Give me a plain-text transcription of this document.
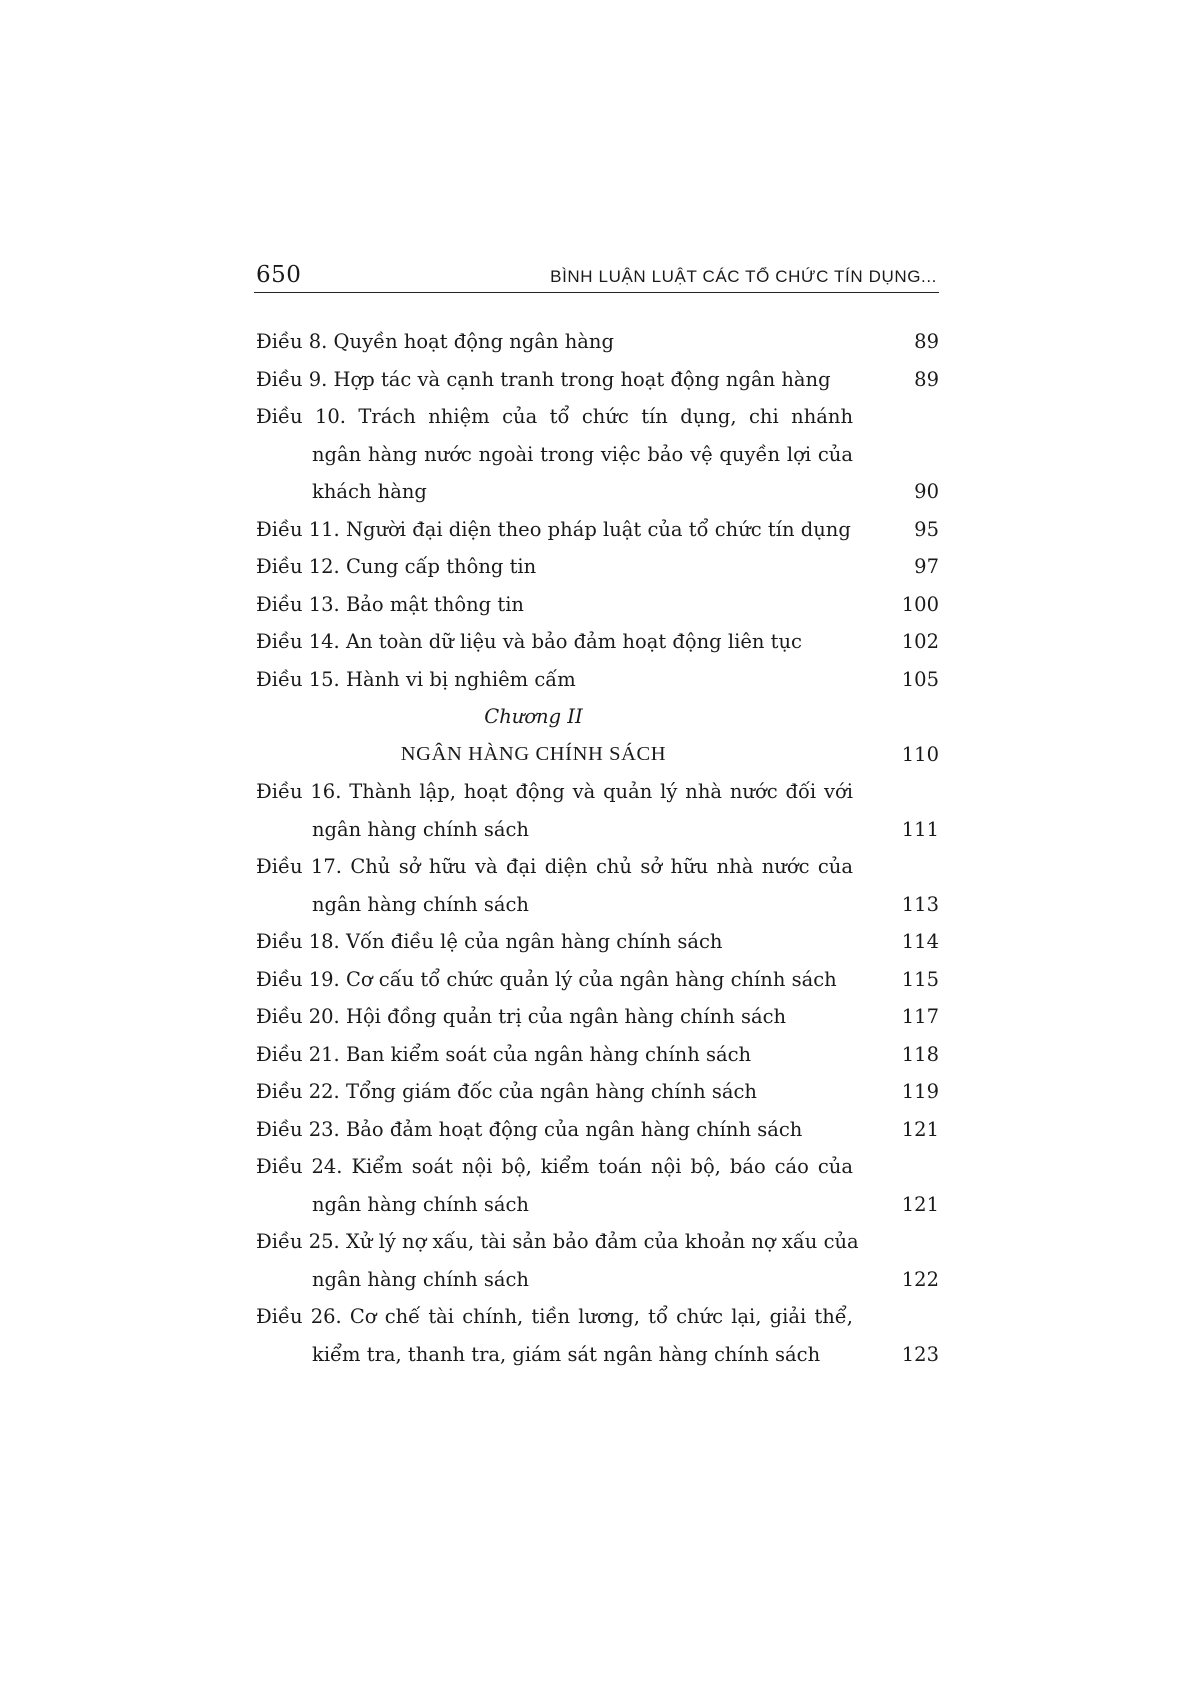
650	BÌNH LUẬN LUẬT CÁC TỔ CHỨC TÍN DỤNG...
Điều 8. Quyền hoạt động ngân hàng	89
Điều 9. Hợp tác và cạnh tranh trong hoạt động ngân hàng	89
Điều 10. Trách nhiệm của tổ chức tín dụng, chi nhánh
ngân hàng nước ngoài trong việc bảo vệ quyền lợi của
khách hàng	90
Điều 11. Người đại diện theo pháp luật của tổ chức tín dụng	95
Điều 12. Cung cấp thông tin	97
Điều 13. Bảo mật thông tin	100
Điều 14. An toàn dữ liệu và bảo đảm hoạt động liên tục	102
Điều 15. Hành vi bị nghiêm cấm	105
Chương II
NGÂN HÀNG CHÍNH SÁCH	110
Điều 16. Thành lập, hoạt động và quản lý nhà nước đối với
ngân hàng chính sách	111
Điều 17. Chủ sở hữu và đại diện chủ sở hữu nhà nước của
ngân hàng chính sách	113
Điều 18. Vốn điều lệ của ngân hàng chính sách	114
Điều 19. Cơ cấu tổ chức quản lý của ngân hàng chính sách	115
Điều 20. Hội đồng quản trị của ngân hàng chính sách	117
Điều 21. Ban kiểm soát của ngân hàng chính sách	118
Điều 22. Tổng giám đốc của ngân hàng chính sách	119
Điều 23. Bảo đảm hoạt động của ngân hàng chính sách	121
Điều 24. Kiểm soát nội bộ, kiểm toán nội bộ, báo cáo của
ngân hàng chính sách	121
Điều 25. Xử lý nợ xấu, tài sản bảo đảm của khoản nợ xấu của
ngân hàng chính sách	122
Điều 26. Cơ chế tài chính, tiền lương, tổ chức lại, giải thể,
kiểm tra, thanh tra, giám sát ngân hàng chính sách	123
